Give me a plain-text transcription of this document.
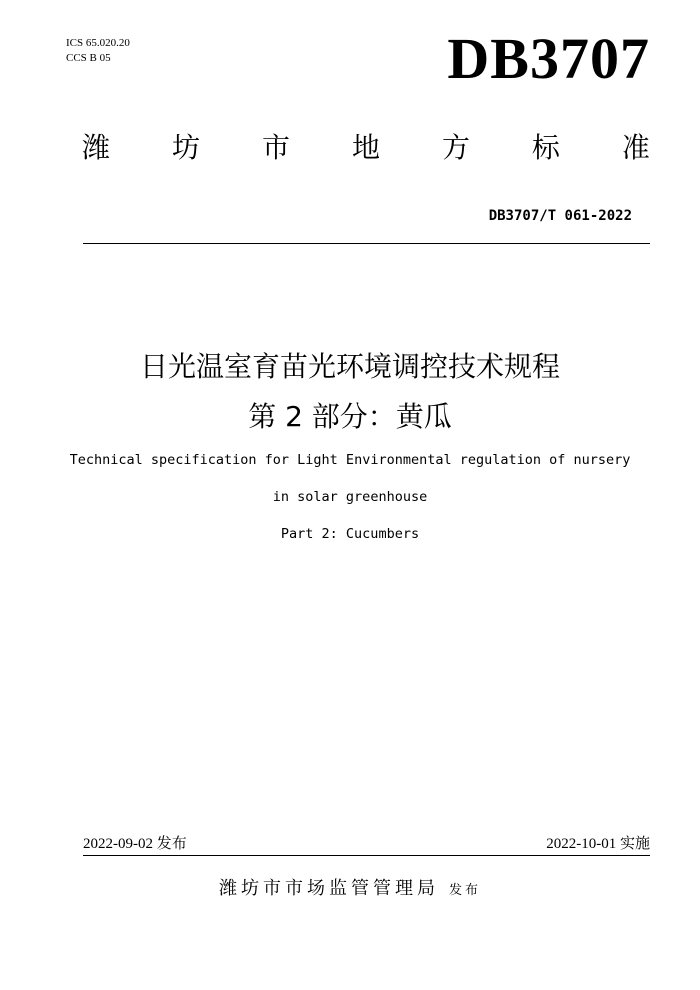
ICS 65.020.20
CCS B 05	DB3707
潍 坊 市 地 方 标 准
DB3707/T 061-2022
日光温室育苗光环境调控技术规程
第 2 部分：黄瓜
Technical specification for Light Environmental regulation of nursery
in solar greenhouse
Part 2: Cucumbers
2022-09-02 发布	2022-10-01 实施
潍坊市市场监管管理局 发布
